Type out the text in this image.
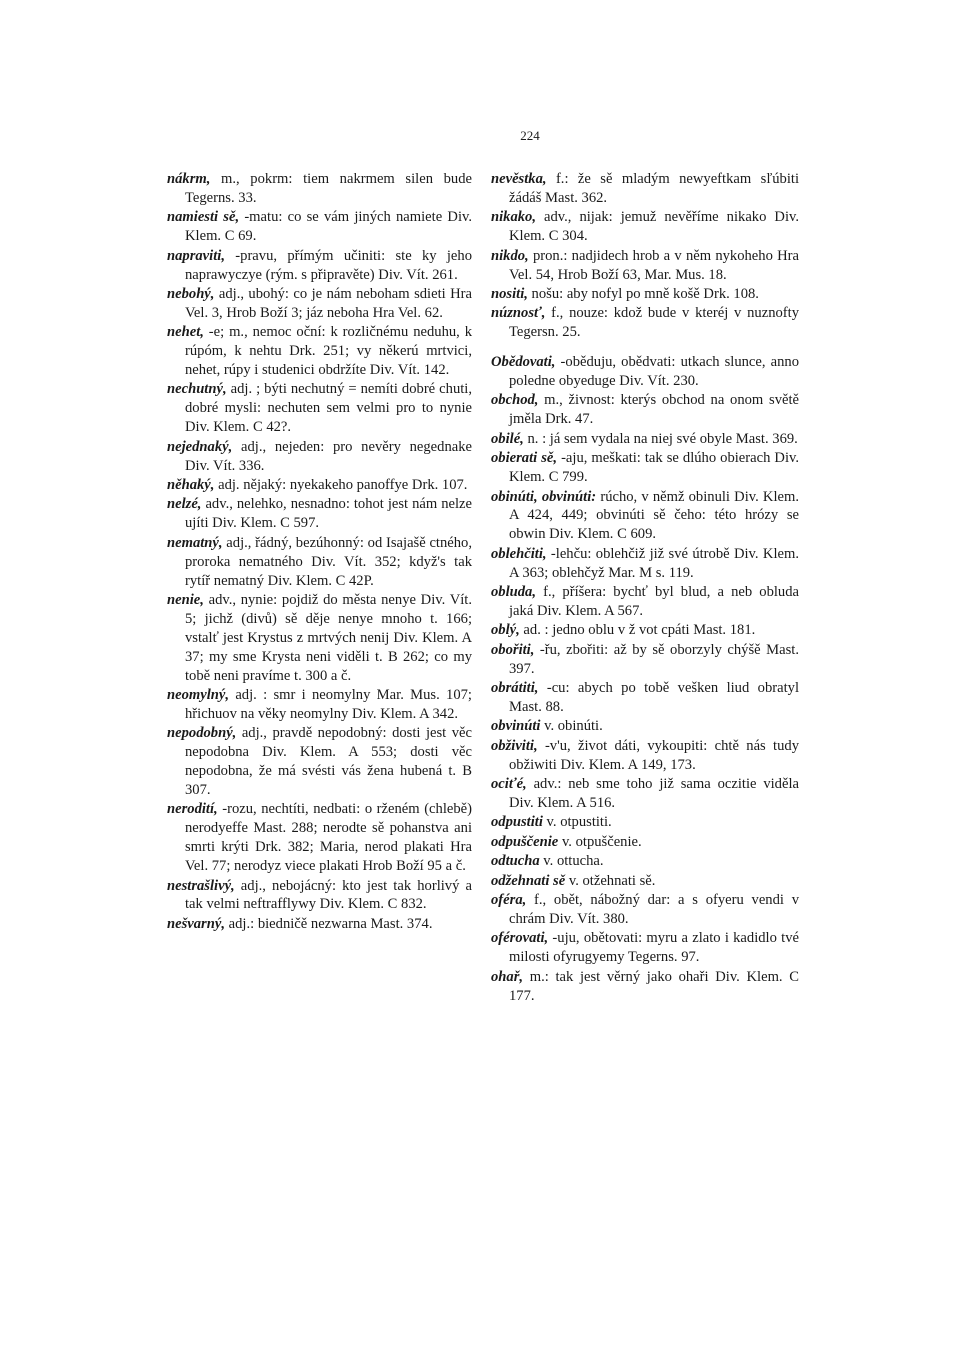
224

nákrm, m., pokrm: tiem nakrmem silen bude Tegerns. 33.

namiesti sě, -matu: co se vám jiných namiete Div. Klem. C 69.

napraviti, -pravu, přímým učiniti: ste ky jeho naprawyczye (rým. s připravěte) Div. Vít. 261.

nebohý, adj., ubohý: co je nám neboham sdieti Hra Vel. 3, Hrob Boží 3; jáz neboha Hra Vel. 62.

nehet, -e; m., nemoc oční: k rozličnému neduhu, k rúpóm, k nehtu Drk. 251; vy někerú mrtvici, nehet, rúpy i studenici obdržíte Div. Vít. 142.

nechutný, adj. ; býti nechutný = nemíti dobré chuti, dobré mysli: nechuten sem velmi pro to nynie Div. Klem. C 42?.

nejednaký, adj., nejeden: pro nevěry negednake Div. Vít. 336.

něhaký, adj. nějaký: nyekakeho panoffye Drk. 107.

nelzé, adv., nelehko, nesnadno: tohot jest nám nelze ujíti Div. Klem. C 597.

nematný, adj., řádný, bezúhonný: od Isajašě ctného, proroka nematného Div. Vít. 352; když's tak rytíř nematný Div. Klem. C 42P.

nenie, adv., nynie: pojdiž do města nenye Div. Vít. 5; jichž (divů) sě děje nenye mnoho t. 166; vstalť jest Krystus z mrtvých nenij Div. Klem. A 37; my sme Krysta neni viděli t. B 262; co my tobě neni pravíme t. 300 a č.

neomylný, adj. : smr i neomylny Mar. Mus. 107; hřichuov na věky neomylny Div. Klem. A 342.

nepodobný, adj., pravdě nepodobný: dosti jest věc nepodobna Div. Klem. A 553; dosti věc nepodobna, že má svésti vás žena hubená t. B 307.

nerodití, -rozu, nechtíti, nedbati: o rženém (chlebě) nerodyeffe Mast. 288; nerodte sě pohanstva ani smrti krýti Drk. 382; Maria, nerod plakati Hra Vel. 77; nerodyz viece plakati Hrob Boží 95 a č.

nestrašlivý, adj., nebojácný: kto jest tak horlivý a tak velmi neftrafflywy Div. Klem. C 832.

nešvarný, adj.: biedničě nezwarna Mast. 374.

nevěstka, f.: že sě mladým newyeftkam sľúbiti žádáš Mast. 362.

nikako, adv., nijak: jemuž nevěříme nikako Div. Klem. C 304.

nikdo, pron.: nadjidech hrob a v něm nykoheho Hra Vel. 54, Hrob Boží 63, Mar. Mus. 18.

nositi, nošu: aby nofyl po mně košě Drk. 108.

núznosť, f., nouze: kdož bude v kteréj v nuznofty Tegersn. 25.

Obědovati, -oběduju, obědvati: utkach slunce, anno poledne obyeduge Div. Vít. 230.

obchod, m., živnost: kterýs obchod na onom světě jměla Drk. 47.

obilé, n. : já sem vydala na niej své obyle Mast. 369.

obierati sě, -aju, meškati: tak se dlúho obierach Div. Klem. C 799.

obinúti, obvinúti: rúcho, v němž obinuli Div. Klem. A 424, 449; obvinúti sě čeho: této hrózy se obwin Div. Klem. C 609.

oblehčiti, -lehču: oblehčiž již své útrobě Div. Klem. A 363; oblehčyž Mar. M s. 119.

obluda, f., příšera: bychť byl blud, a neb obluda jaká Div. Klem. A 567.

oblý, ad. : jedno oblu v ž vot cpáti Mast. 181.

obořiti, -řu, zbořiti: až by sě oborzyly chýšě Mast. 397.

obrátiti, -cu: abych po tobě vešken liud obratyl Mast. 88.

obvinúti v. obinúti.

obživiti, -v'u, život dáti, vykoupiti: chtě nás tudy obžiwiti Div. Klem. A 149, 173.

ociťé, adv.: neb sme toho již sama oczitie viděla Div. Klem. A 516.

odpustiti v. otpustiti.

odpuščenie v. otpuščenie.

odtucha v. ottucha.

odžehnati sě v. otžehnati sě.

oféra, f., obět, nábožný dar: a s ofyeru vendi v chrám Div. Vít. 380.

oférovati, -uju, obětovati: myru a zlato i kadidlo tvé milosti ofyrugyemy Tegerns. 97.

ohař, m.: tak jest věrný jako ohaři Div. Klem. C 177.
